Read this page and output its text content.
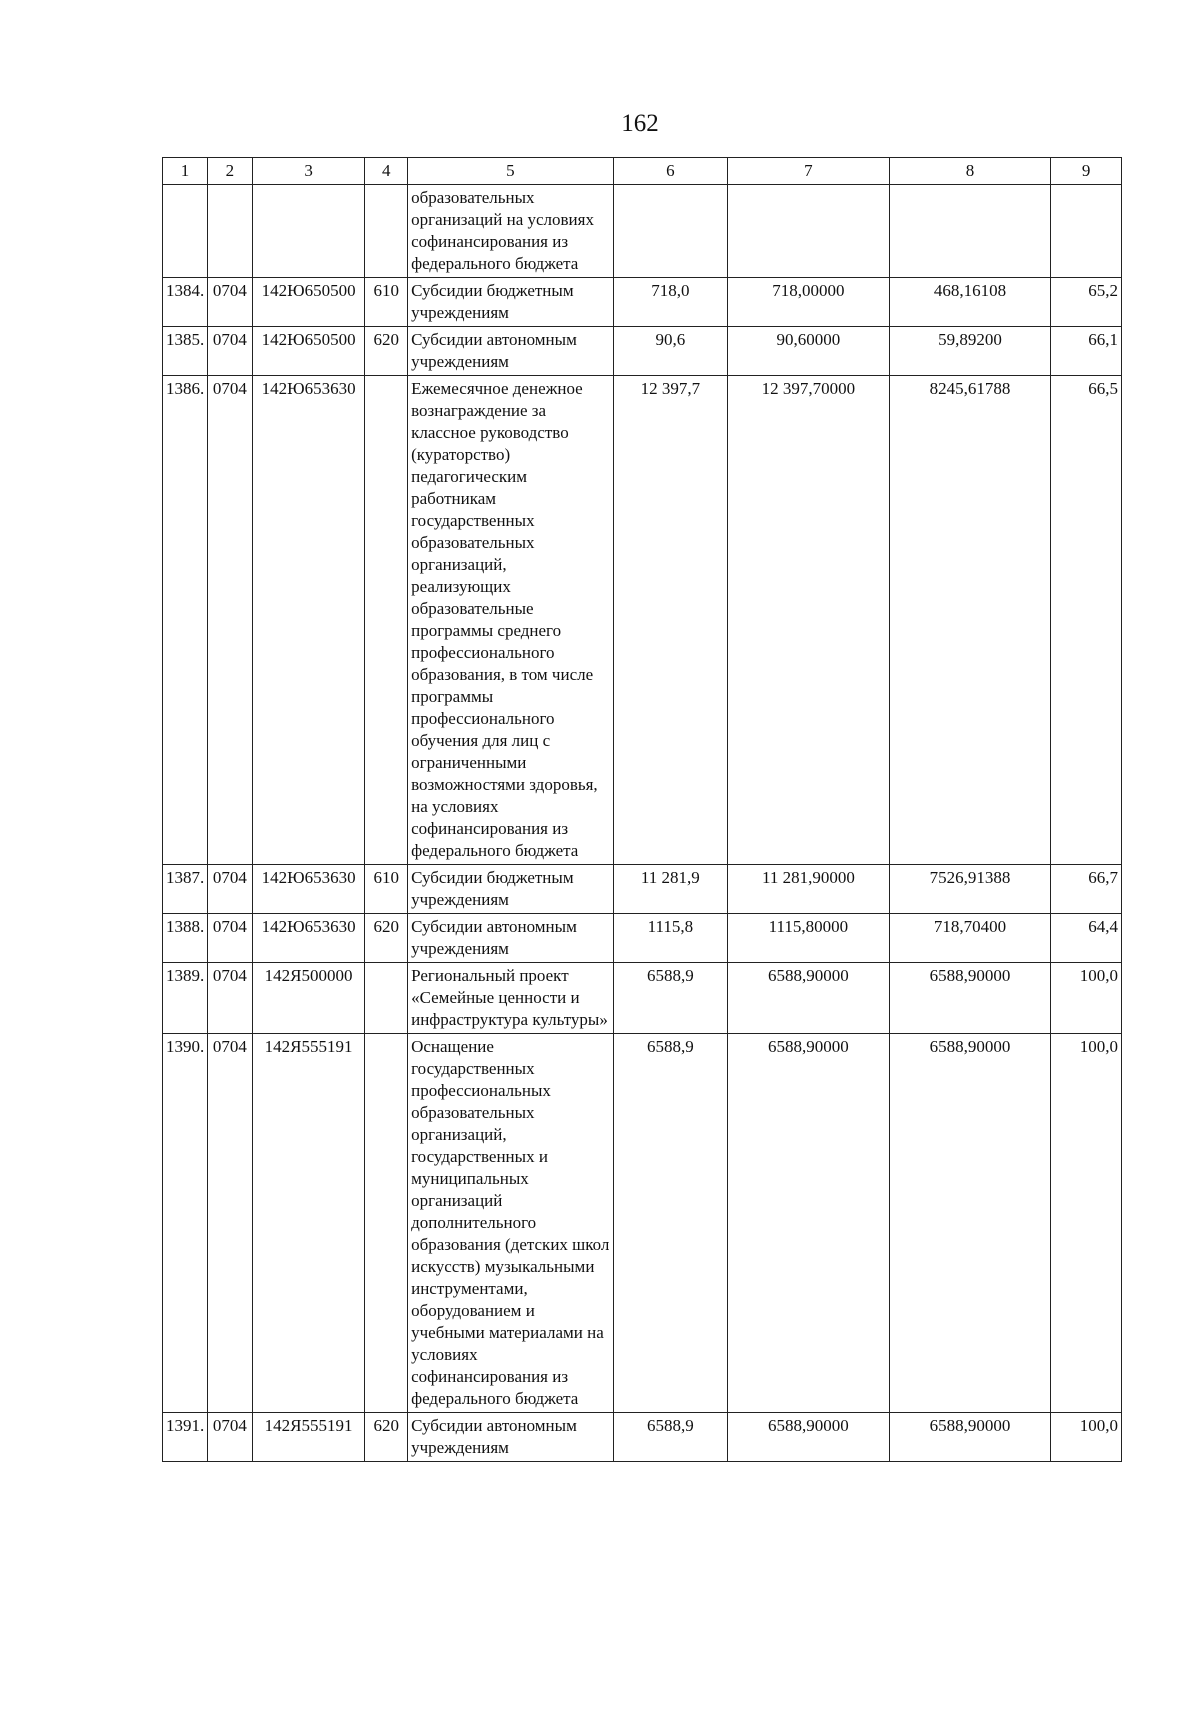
162
1	2	3	4	5	6	7	8	9
				образовательных организаций на условиях софинансирования из федерального бюджета				
1384.	0704	142Ю650500	610	Субсидии бюджетным учреждениям	718,0	718,00000	468,16108	65,2
1385.	0704	142Ю650500	620	Субсидии автономным учреждениям	90,6	90,60000	59,89200	66,1
1386.	0704	142Ю653630		Ежемесячное денежное вознаграждение за классное руководство (кураторство) педагогическим работникам государственных образовательных организаций, реализующих образовательные программы среднего профессионального образования, в том числе программы профессионального обучения для лиц с ограниченными возможностями здоровья, на условиях софинансирования из федерального бюджета	12 397,7	12 397,70000	8245,61788	66,5
1387.	0704	142Ю653630	610	Субсидии бюджетным учреждениям	11 281,9	11 281,90000	7526,91388	66,7
1388.	0704	142Ю653630	620	Субсидии автономным учреждениям	1115,8	1115,80000	718,70400	64,4
1389.	0704	142Я500000		Региональный проект «Семейные ценности и инфраструктура культуры»	6588,9	6588,90000	6588,90000	100,0
1390.	0704	142Я555191		Оснащение государственных профессиональных образовательных организаций, государственных и муниципальных организаций дополнительного образования (детских школ искусств) музыкальными инструментами, оборудованием и учебными материалами на условиях софинансирования из федерального бюджета	6588,9	6588,90000	6588,90000	100,0
1391.	0704	142Я555191	620	Субсидии автономным учреждениям	6588,9	6588,90000	6588,90000	100,0
